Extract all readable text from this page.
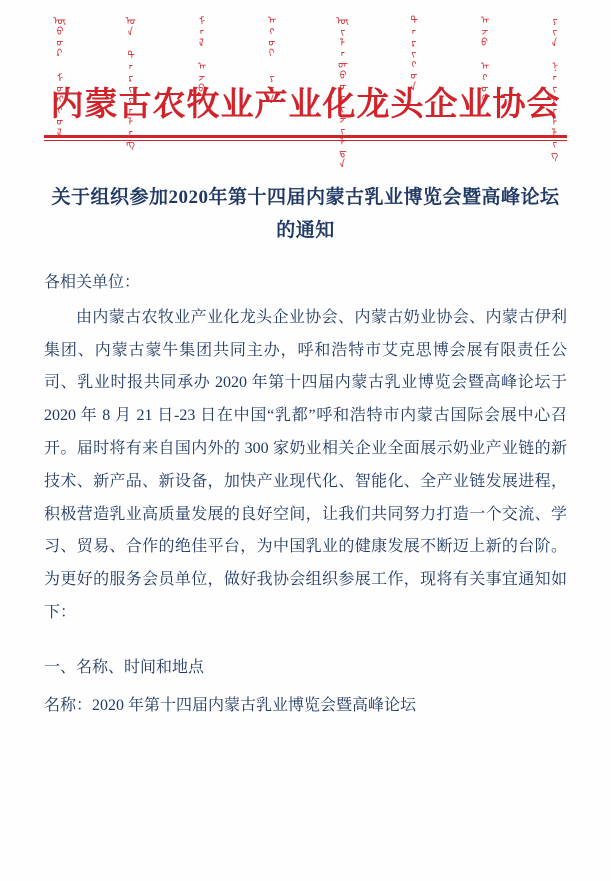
ᠦᠪᠦᠷ ᠮᠣᠩᠭᠣᠯ	ᠤᠨ ᠲᠠᠷᠢᠶᠠᠯᠠᠩ	ᠮᠠᠯ ᠠᠵᠤ	ᠠᠬᠤᠢ ᠶᠢᠨ	ᠦᠢᠯᠡᠳᠪᠦᠷᠢᠵᠢᠯᠲᠡ	ᠲᠡᠷᠢᠭᠦᠨ	ᠠᠵᠤ ᠠᠬᠤᠢ	ᠶᠢᠨ ᠨᠡᠢᠭᠡᠮᠯᠢᠭ
内蒙古农牧业产业化龙头企业协会
关于组织参加2020年第十四届内蒙古乳业博览会暨高峰论坛的通知
各相关单位：
由内蒙古农牧业产业化龙头企业协会、内蒙古奶业协会、内蒙古伊利集团、内蒙古蒙牛集团共同主办，呼和浩特市艾克思博会展有限责任公司、乳业时报共同承办 2020 年第十四届内蒙古乳业博览会暨高峰论坛于 2020 年 8 月 21 日-23 日在中国“乳都”呼和浩特市内蒙古国际会展中心召开。届时将有来自国内外的 300 家奶业相关企业全面展示奶业产业链的新技术、新产品、新设备，加快产业现代化、智能化、全产业链发展进程，积极营造乳业高质量发展的良好空间，让我们共同努力打造一个交流、学习、贸易、合作的绝佳平台，为中国乳业的健康发展不断迈上新的台阶。为更好的服务会员单位，做好我协会组织参展工作，现将有关事宜通知如下：
一、名称、时间和地点
名称：2020 年第十四届内蒙古乳业博览会暨高峰论坛
